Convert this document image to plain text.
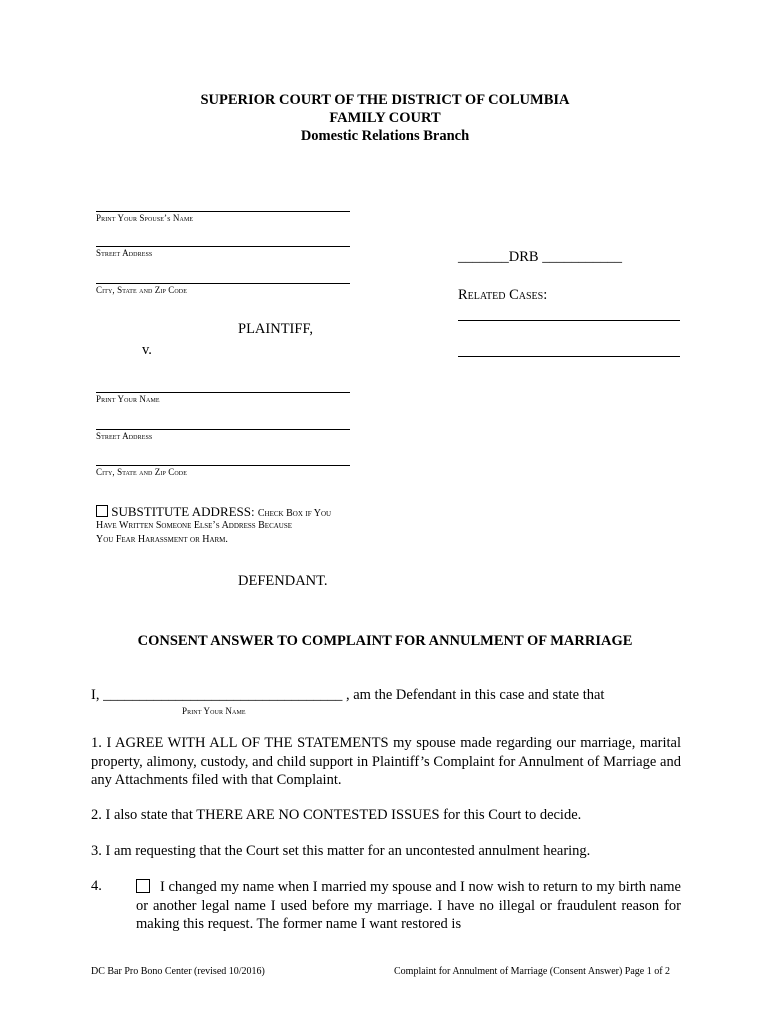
SUPERIOR COURT OF THE DISTRICT OF COLUMBIA
FAMILY COURT
Domestic Relations Branch
Print Your Spouse’s Name
Street Address
City, State and Zip Code
PLAINTIFF,
v.
_______DRB ___________
Related Cases:
Print Your Name
Street Address
City, State and Zip Code
SUBSTITUTE ADDRESS: Check Box if You
Have Written Someone Else’s Address Because
You Fear Harassment or Harm.
DEFENDANT.
CONSENT ANSWER TO COMPLAINT FOR ANNULMENT OF MARRIAGE
I, _________________________________ , am the Defendant in this case and state that
Print Your Name
1. I AGREE WITH ALL OF THE STATEMENTS my spouse made regarding our marriage, marital property, alimony, custody, and child support in Plaintiff’s Complaint for Annulment of Marriage and any Attachments filed with that Complaint.
2. I also state that THERE ARE NO CONTESTED ISSUES for this Court to decide.
3. I am requesting that the Court set this matter for an uncontested annulment hearing.
4.	I changed my name when I married my spouse and I now wish to return to my birth name or another legal name I used before my marriage. I have no illegal or fraudulent reason for making this request. The former name I want restored is
DC Bar Pro Bono Center (revised 10/2016)	Complaint for Annulment of Marriage (Consent Answer) Page 1 of 2
